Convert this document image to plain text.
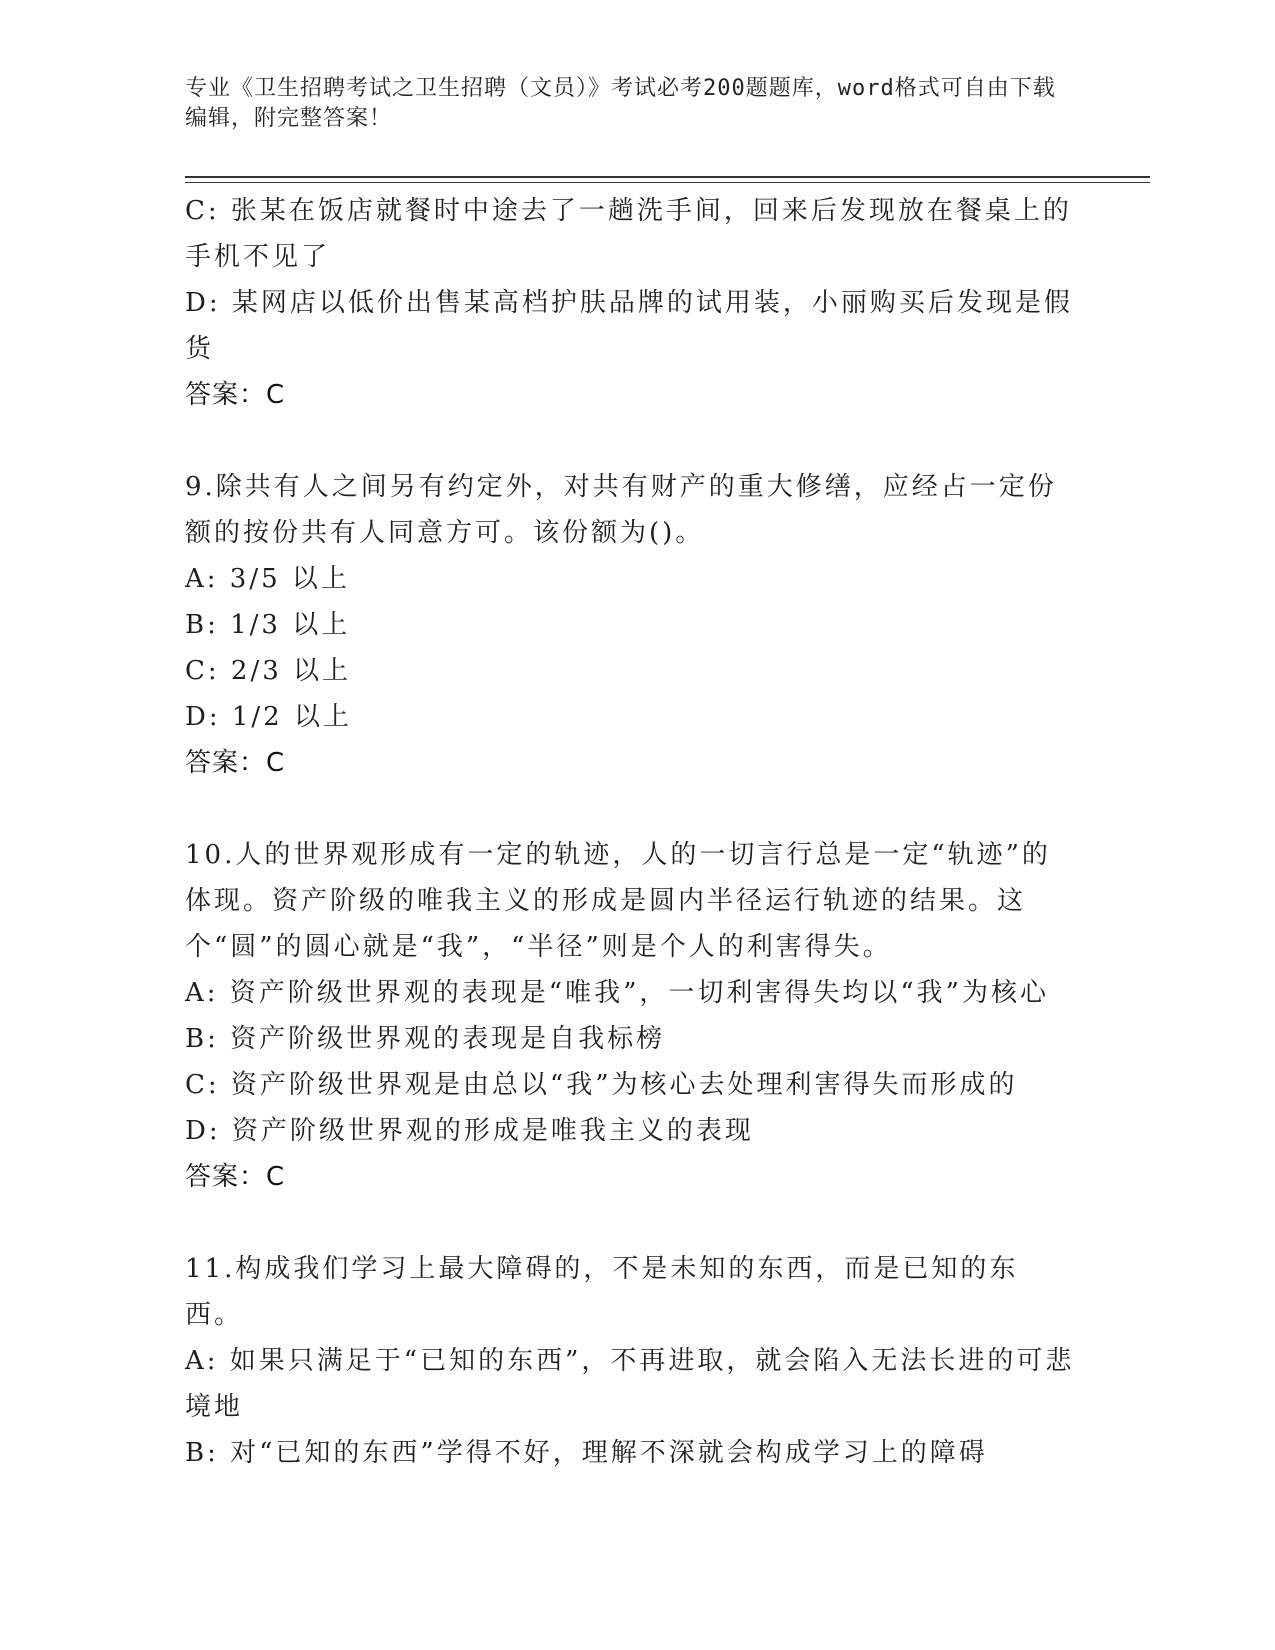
专业《卫生招聘考试之卫生招聘（文员）》考试必考200题题库，word格式可自由下载编辑，附完整答案！
C: 张某在饭店就餐时中途去了一趟洗手间，回来后发现放在餐桌上的手机不见了
D: 某网店以低价出售某高档护肤品牌的试用装，小丽购买后发现是假货
答案：C
9.除共有人之间另有约定外，对共有财产的重大修缮，应经占一定份额的按份共有人同意方可。该份额为()。
A: 3/5 以上
B: 1/3 以上
C: 2/3 以上
D: 1/2 以上
答案：C
10.人的世界观形成有一定的轨迹，人的一切言行总是一定“轨迹”的体现。资产阶级的唯我主义的形成是圆内半径运行轨迹的结果。这个“圆”的圆心就是“我”，“半径”则是个人的利害得失。
A: 资产阶级世界观的表现是“唯我”，一切利害得失均以“我”为核心
B: 资产阶级世界观的表现是自我标榜
C: 资产阶级世界观是由总以“我”为核心去处理利害得失而形成的
D: 资产阶级世界观的形成是唯我主义的表现
答案：C
11.构成我们学习上最大障碍的，不是未知的东西，而是已知的东西。
A: 如果只满足于“已知的东西”，不再进取，就会陷入无法长进的可悲境地
B: 对“已知的东西”学得不好，理解不深就会构成学习上的障碍
